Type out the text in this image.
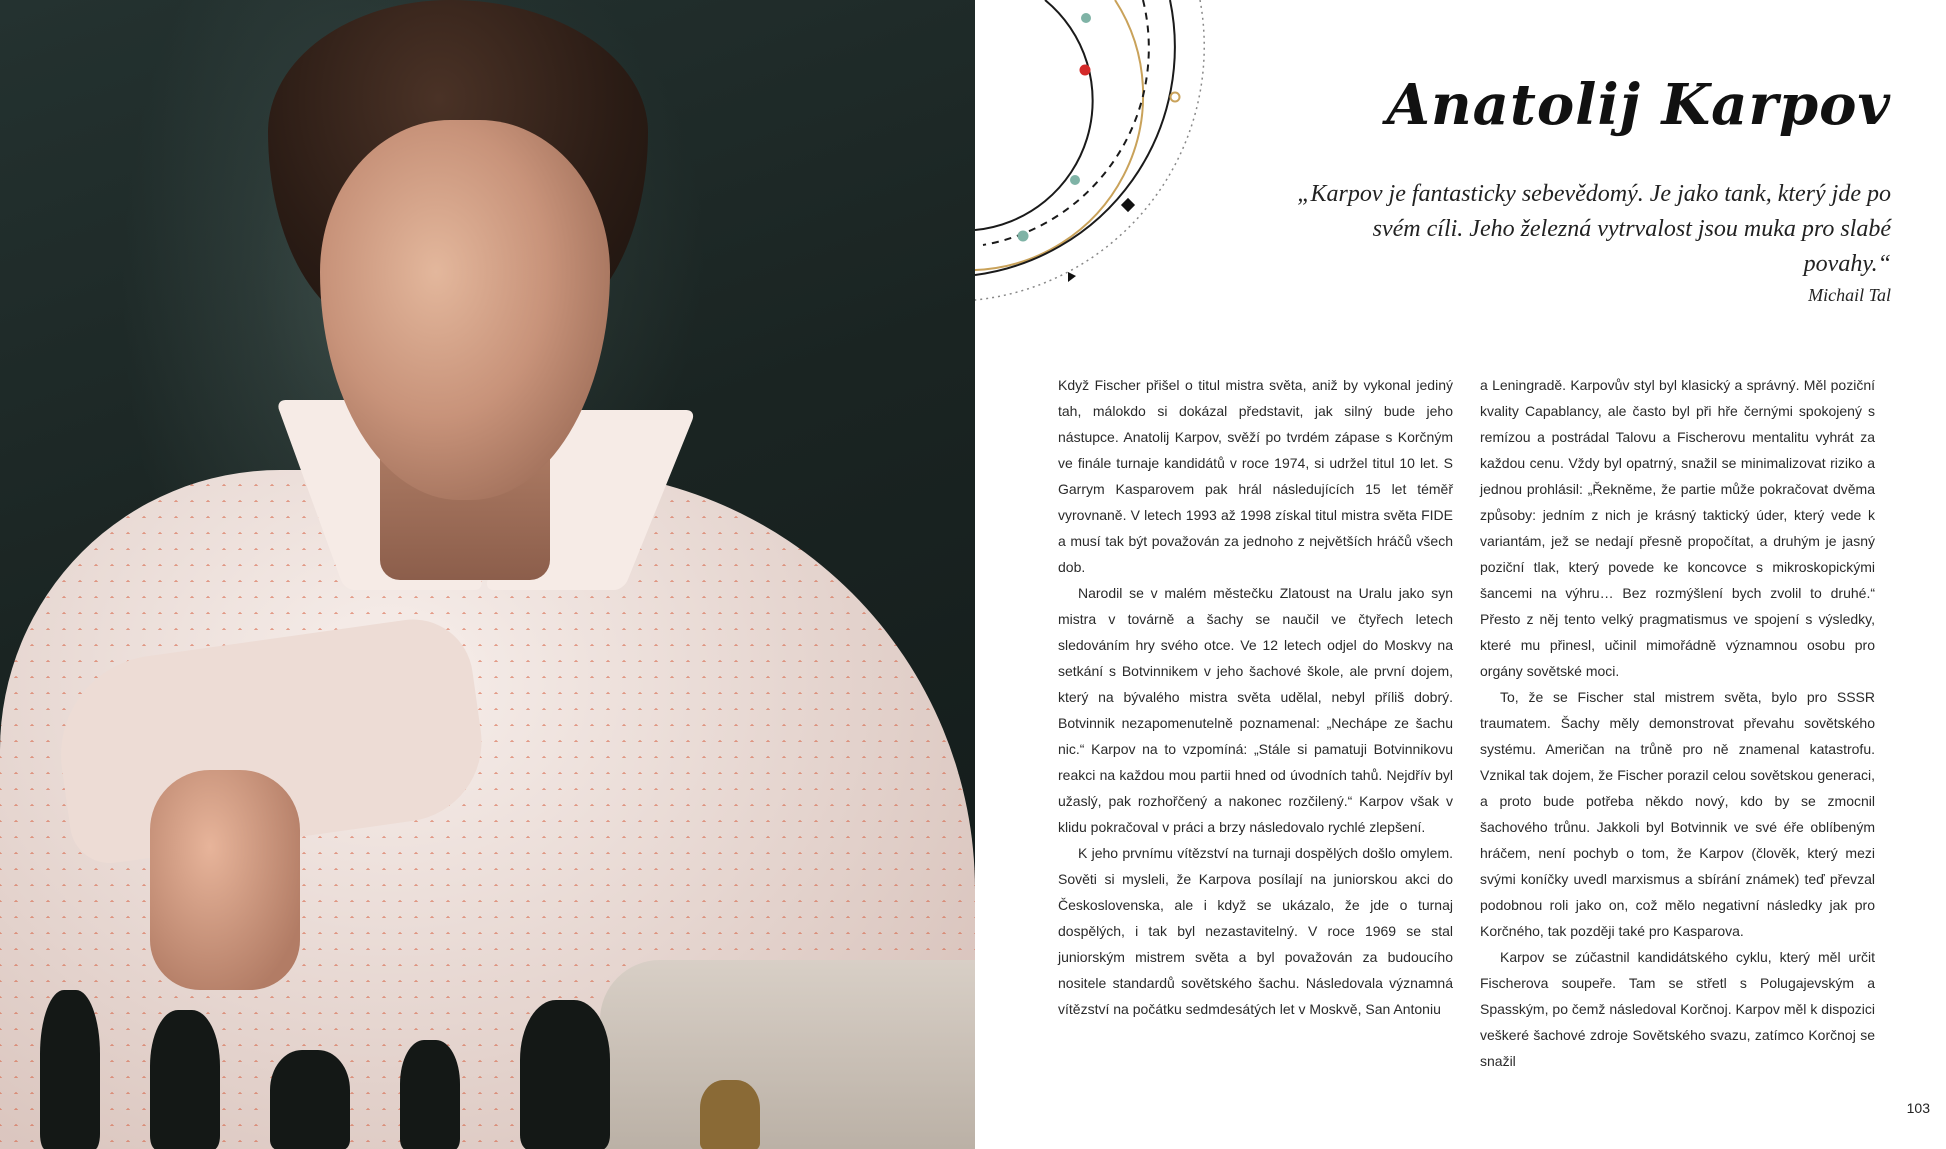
Anatolij Karpov
„Karpov je fantasticky sebevědomý. Je jako tank, který jde po svém cíli. Jeho železná vytrvalost jsou muka pro slabé povahy.“
Michail Tal

Když Fischer přišel o titul mistra světa, aniž by vykonal jediný tah, málokdo si dokázal představit, jak silný bude jeho nástupce. Anatolij Karpov, svěží po tvrdém zápase s Korčným ve finále turnaje kandidátů v roce 1974, si udržel titul 10 let. S Garrym Kasparovem pak hrál následujících 15 let téměř vyrovnaně. V letech 1993 až 1998 získal titul mistra světa FIDE a musí tak být považován za jednoho z největších hráčů všech dob.

Narodil se v malém městečku Zlatoust na Uralu jako syn mistra v továrně a šachy se naučil ve čtyřech letech sledováním hry svého otce. Ve 12 letech odjel do Moskvy na setkání s Botvinnikem v jeho šachové škole, ale první dojem, který na bývalého mistra světa udělal, nebyl příliš dobrý. Botvinnik nezapomenutelně poznamenal: „Nechápe ze šachu nic.“ Karpov na to vzpomíná: „Stále si pamatuji Botvinnikovu reakci na každou mou partii hned od úvodních tahů. Nejdřív byl užaslý, pak rozhořčený a nakonec rozčilený.“ Karpov však v klidu pokračoval v práci a brzy následovalo rychlé zlepšení.

K jeho prvnímu vítězství na turnaji dospělých došlo omylem. Sověti si mysleli, že Karpova posílají na juniorskou akci do Československa, ale i když se ukázalo, že jde o turnaj dospělých, i tak byl nezastavitelný. V roce 1969 se stal juniorským mistrem světa a byl považován za budoucího nositele standardů sovětského šachu. Následovala významná vítězství na počátku sedmdesátých let v Moskvě, San Antoniu

a Leningradě. Karpovův styl byl klasický a správný. Měl poziční kvality Capablancy, ale často byl při hře černými spokojený s remízou a postrádal Talovu a Fischerovu mentalitu vyhrát za každou cenu. Vždy byl opatrný, snažil se minimalizovat riziko a jednou prohlásil: „Řekněme, že partie může pokračovat dvěma způsoby: jedním z nich je krásný taktický úder, který vede k variantám, jež se nedají přesně propočítat, a druhým je jasný poziční tlak, který povede ke koncovce s mikroskopickými šancemi na výhru… Bez rozmýšlení bych zvolil to druhé.“ Přesto z něj tento velký pragmatismus ve spojení s výsledky, které mu přinesl, učinil mimořádně významnou osobu pro orgány sovětské moci.

To, že se Fischer stal mistrem světa, bylo pro SSSR traumatem. Šachy měly demonstrovat převahu sovětského systému. Američan na trůně pro ně znamenal katastrofu. Vznikal tak dojem, že Fischer porazil celou sovětskou generaci, a proto bude potřeba někdo nový, kdo by se zmocnil šachového trůnu. Jakkoli byl Botvinnik ve své éře oblíbeným hráčem, není pochyb o tom, že Karpov (člověk, který mezi svými koníčky uvedl marxismus a sbírání známek) teď převzal podobnou roli jako on, což mělo negativní následky jak pro Korčného, tak později také pro Kasparova.

Karpov se zúčastnil kandidátského cyklu, který měl určit Fischerova soupeře. Tam se střetl s Polugajevským a Spasským, po čemž následoval Korčnoj. Karpov měl k dispozici veškeré šachové zdroje Sovětského svazu, zatímco Korčnoj se snažil

103
